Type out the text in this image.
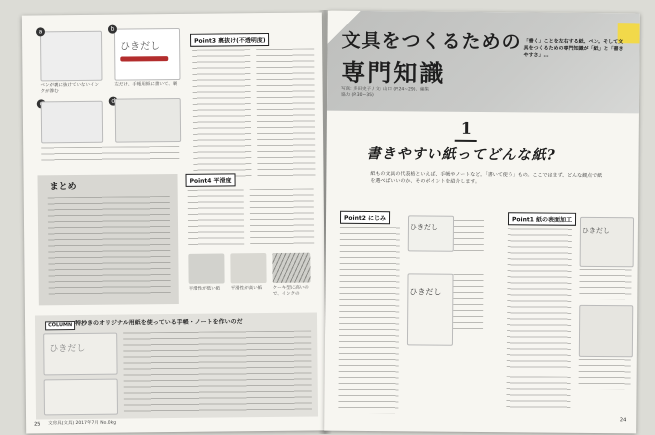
a	b
ひきだし

ペンが裏に抜けていないインクが滲む

左だけ、手帳用紙に書いて、裏

d
Point3 裏抜け(不透明度)
まとめ
Point4 平滑度

平滑性が低い紙	平滑性が高い紙	ケーキ型に高いので、インクの

COLUMN 特抄きのオリジナル用紙を使っている手帳・ノートを作いのだ
ひきだし
25 文房具(文具) 2017年7月 No.0kg
文具をつくるための
専門知識

写真: 多田史子 / 文: 山口 (P.24~29)、編集協力 (P.30~35)

「書く」ことを左右する紙、ペン。そして文具をつくるための専門知識が「紙」と「書きやすさ」…

1
書きやすい紙ってどんな紙?

紙もの文具の代表格といえば、手帳やノートなど。「書いて使う」もの。ここではまず、どんな観点で紙を選べばいいのか、そのポイントを紹介します。

Point2 にじみ
ひきだし
ひきだし
Point1 紙の表面加工
ひきだし
24
